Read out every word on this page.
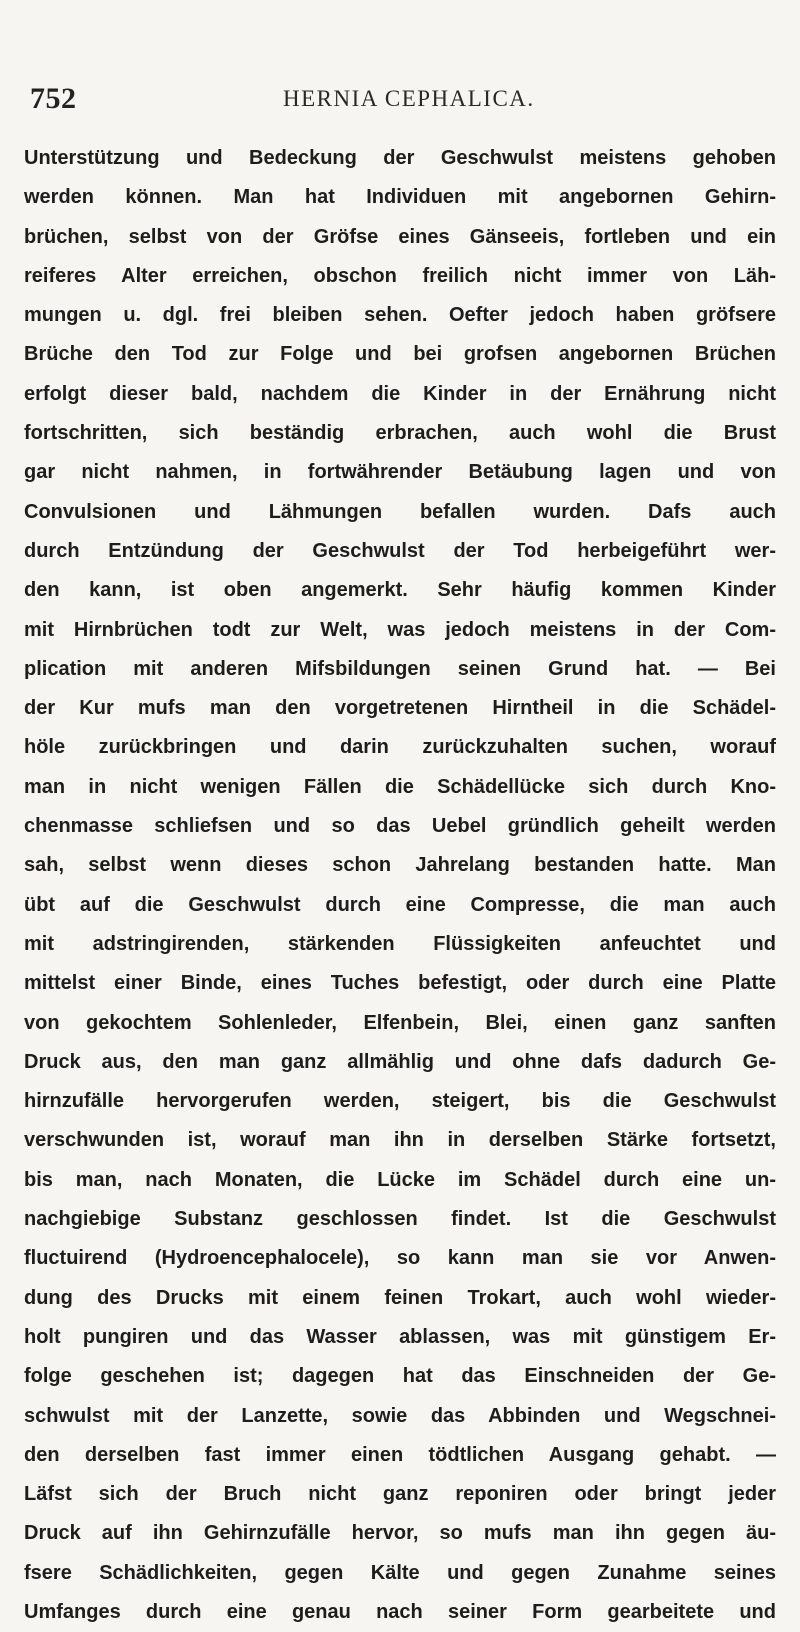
752	HERNIA CEPHALICA.
Unterstützung und Bedeckung der Geschwulst meistens gehoben
werden können. Man hat Individuen mit angebornen Gehirn-
brüchen, selbst von der Gröfse eines Gänseeis, fortleben und ein
reiferes Alter erreichen, obschon freilich nicht immer von Läh-
mungen u. dgl. frei bleiben sehen. Oefter jedoch haben gröfsere
Brüche den Tod zur Folge und bei grofsen angebornen Brüchen
erfolgt dieser bald, nachdem die Kinder in der Ernährung nicht
fortschritten, sich beständig erbrachen, auch wohl die Brust
gar nicht nahmen, in fortwährender Betäubung lagen und von
Convulsionen und Lähmungen befallen wurden. Dafs auch
durch Entzündung der Geschwulst der Tod herbeigeführt wer-
den kann, ist oben angemerkt. Sehr häufig kommen Kinder
mit Hirnbrüchen todt zur Welt, was jedoch meistens in der Com-
plication mit anderen Mifsbildungen seinen Grund hat. — Bei
der Kur mufs man den vorgetretenen Hirntheil in die Schädel-
höle zurückbringen und darin zurückzuhalten suchen, worauf
man in nicht wenigen Fällen die Schädellücke sich durch Kno-
chenmasse schliefsen und so das Uebel gründlich geheilt werden
sah, selbst wenn dieses schon Jahrelang bestanden hatte. Man
übt auf die Geschwulst durch eine Compresse, die man auch
mit adstringirenden, stärkenden Flüssigkeiten anfeuchtet und
mittelst einer Binde, eines Tuches befestigt, oder durch eine Platte
von gekochtem Sohlenleder, Elfenbein, Blei, einen ganz sanften
Druck aus, den man ganz allmählig und ohne dafs dadurch Ge-
hirnzufälle hervorgerufen werden, steigert, bis die Geschwulst
verschwunden ist, worauf man ihn in derselben Stärke fortsetzt,
bis man, nach Monaten, die Lücke im Schädel durch eine un-
nachgiebige Substanz geschlossen findet. Ist die Geschwulst
fluctuirend (Hydroencephalocele), so kann man sie vor Anwen-
dung des Drucks mit einem feinen Trokart, auch wohl wieder-
holt pungiren und das Wasser ablassen, was mit günstigem Er-
folge geschehen ist; dagegen hat das Einschneiden der Ge-
schwulst mit der Lanzette, sowie das Abbinden und Wegschnei-
den derselben fast immer einen tödtlichen Ausgang gehabt. —
Läfst sich der Bruch nicht ganz reponiren oder bringt jeder
Druck auf ihn Gehirnzufälle hervor, so mufs man ihn gegen äu-
fsere Schädlichkeiten, gegen Kälte und gegen Zunahme seines
Umfanges durch eine genau nach seiner Form gearbeitete und
